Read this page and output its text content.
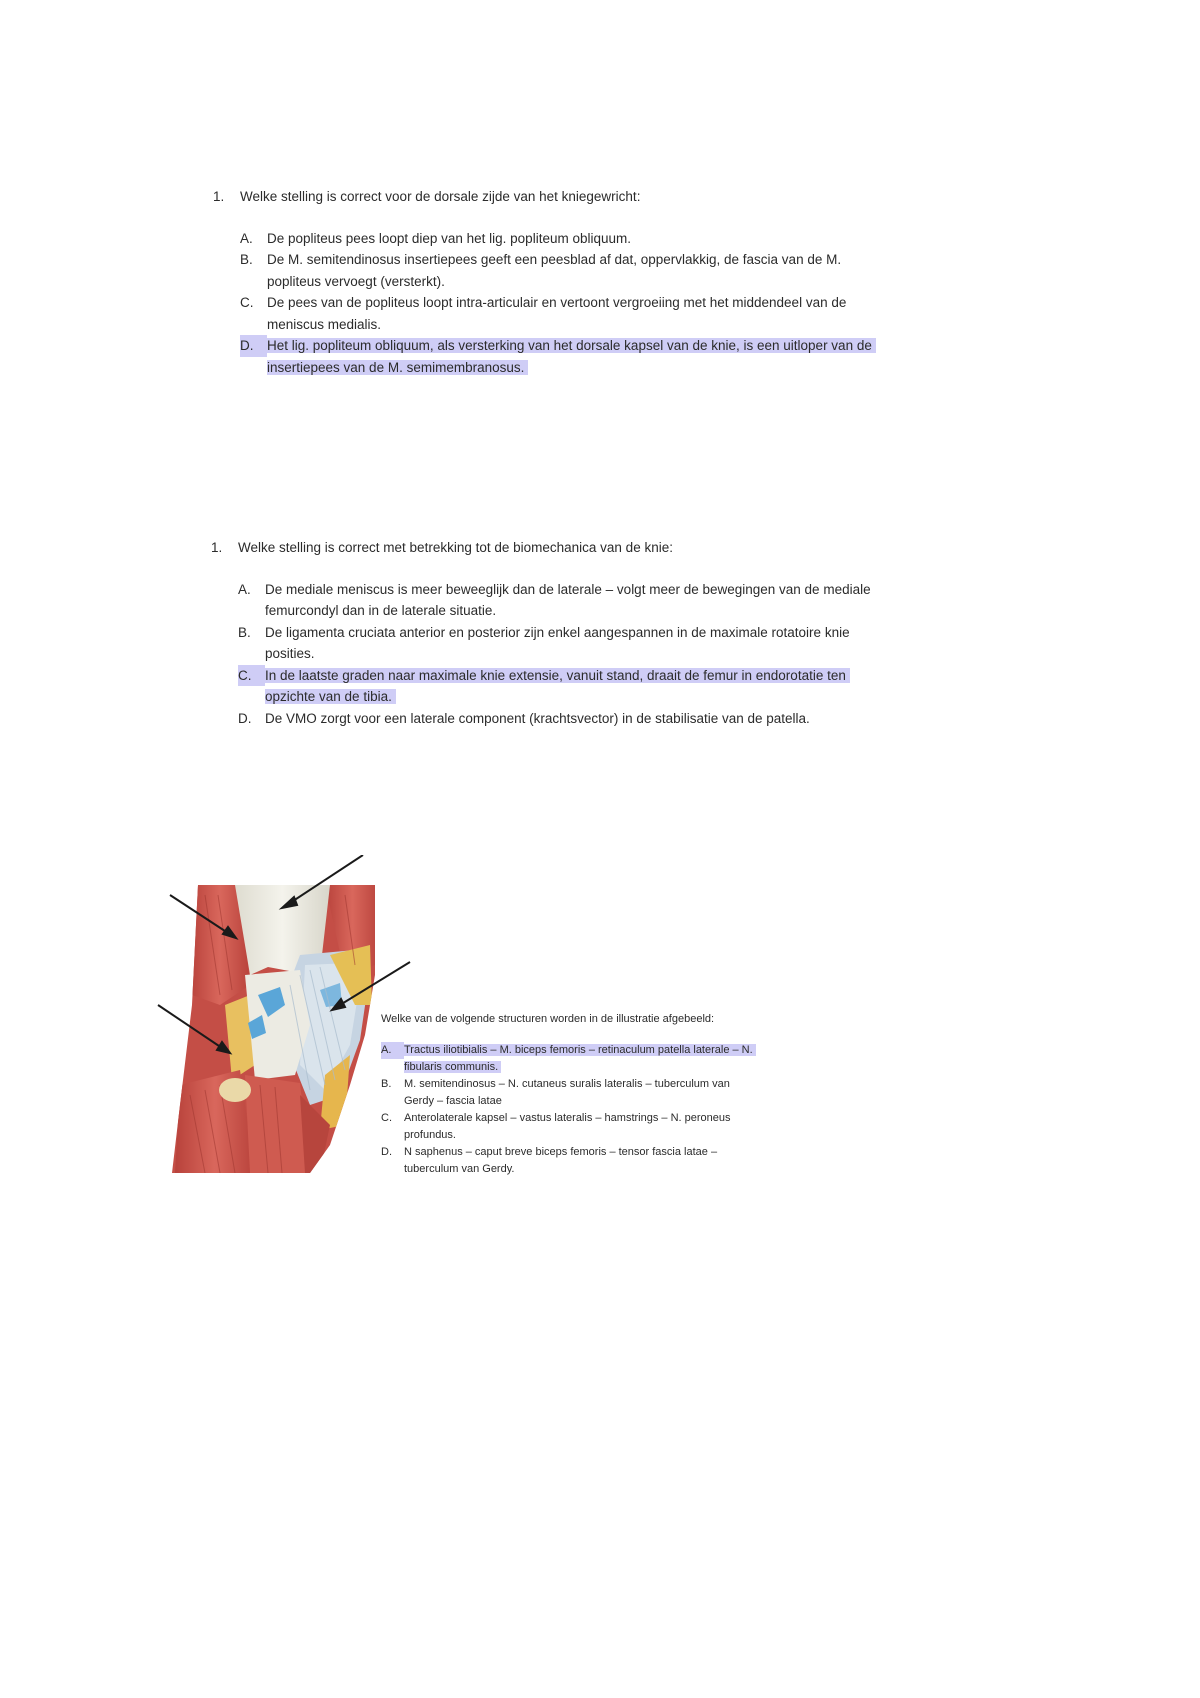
1.	Welke stelling is correct voor de dorsale zijde van het kniegewricht:
A.	De popliteus pees loopt diep van het lig. popliteum obliquum.
B.	De M. semitendinosus insertiepees geeft een peesblad af dat, oppervlakkig, de fascia van de M. popliteus vervoegt (versterkt).
C.	De pees van de popliteus loopt intra-articulair en vertoont vergroeiing met het middendeel van de meniscus medialis.
D.	Het lig. popliteum obliquum, als versterking van het dorsale kapsel van de knie, is een uitloper van de insertiepees van de M. semimembranosus.
1.	Welke stelling is correct met betrekking tot de biomechanica van de knie:
A.	De mediale meniscus is meer beweeglijk dan de laterale – volgt meer de bewegingen van de mediale femurcondyl dan in de laterale situatie.
B.	De ligamenta cruciata anterior en posterior zijn enkel aangespannen in de maximale rotatoire knie posities.
C.	In de laatste graden naar maximale knie extensie, vanuit stand, draait de femur in endorotatie ten opzichte van de tibia.
D.	De VMO zorgt voor een laterale component (krachtsvector) in de stabilisatie van de patella.
Welke van de volgende structuren worden in de illustratie afgebeeld:
A.	Tractus iliotibialis – M. biceps femoris – retinaculum patella laterale – N. fibularis communis.
B.	M. semitendinosus – N. cutaneus suralis lateralis – tuberculum van Gerdy – fascia latae
C.	Anterolaterale kapsel – vastus lateralis – hamstrings – N. peroneus profundus.
D.	N saphenus – caput breve biceps femoris – tensor fascia latae – tuberculum van Gerdy.
